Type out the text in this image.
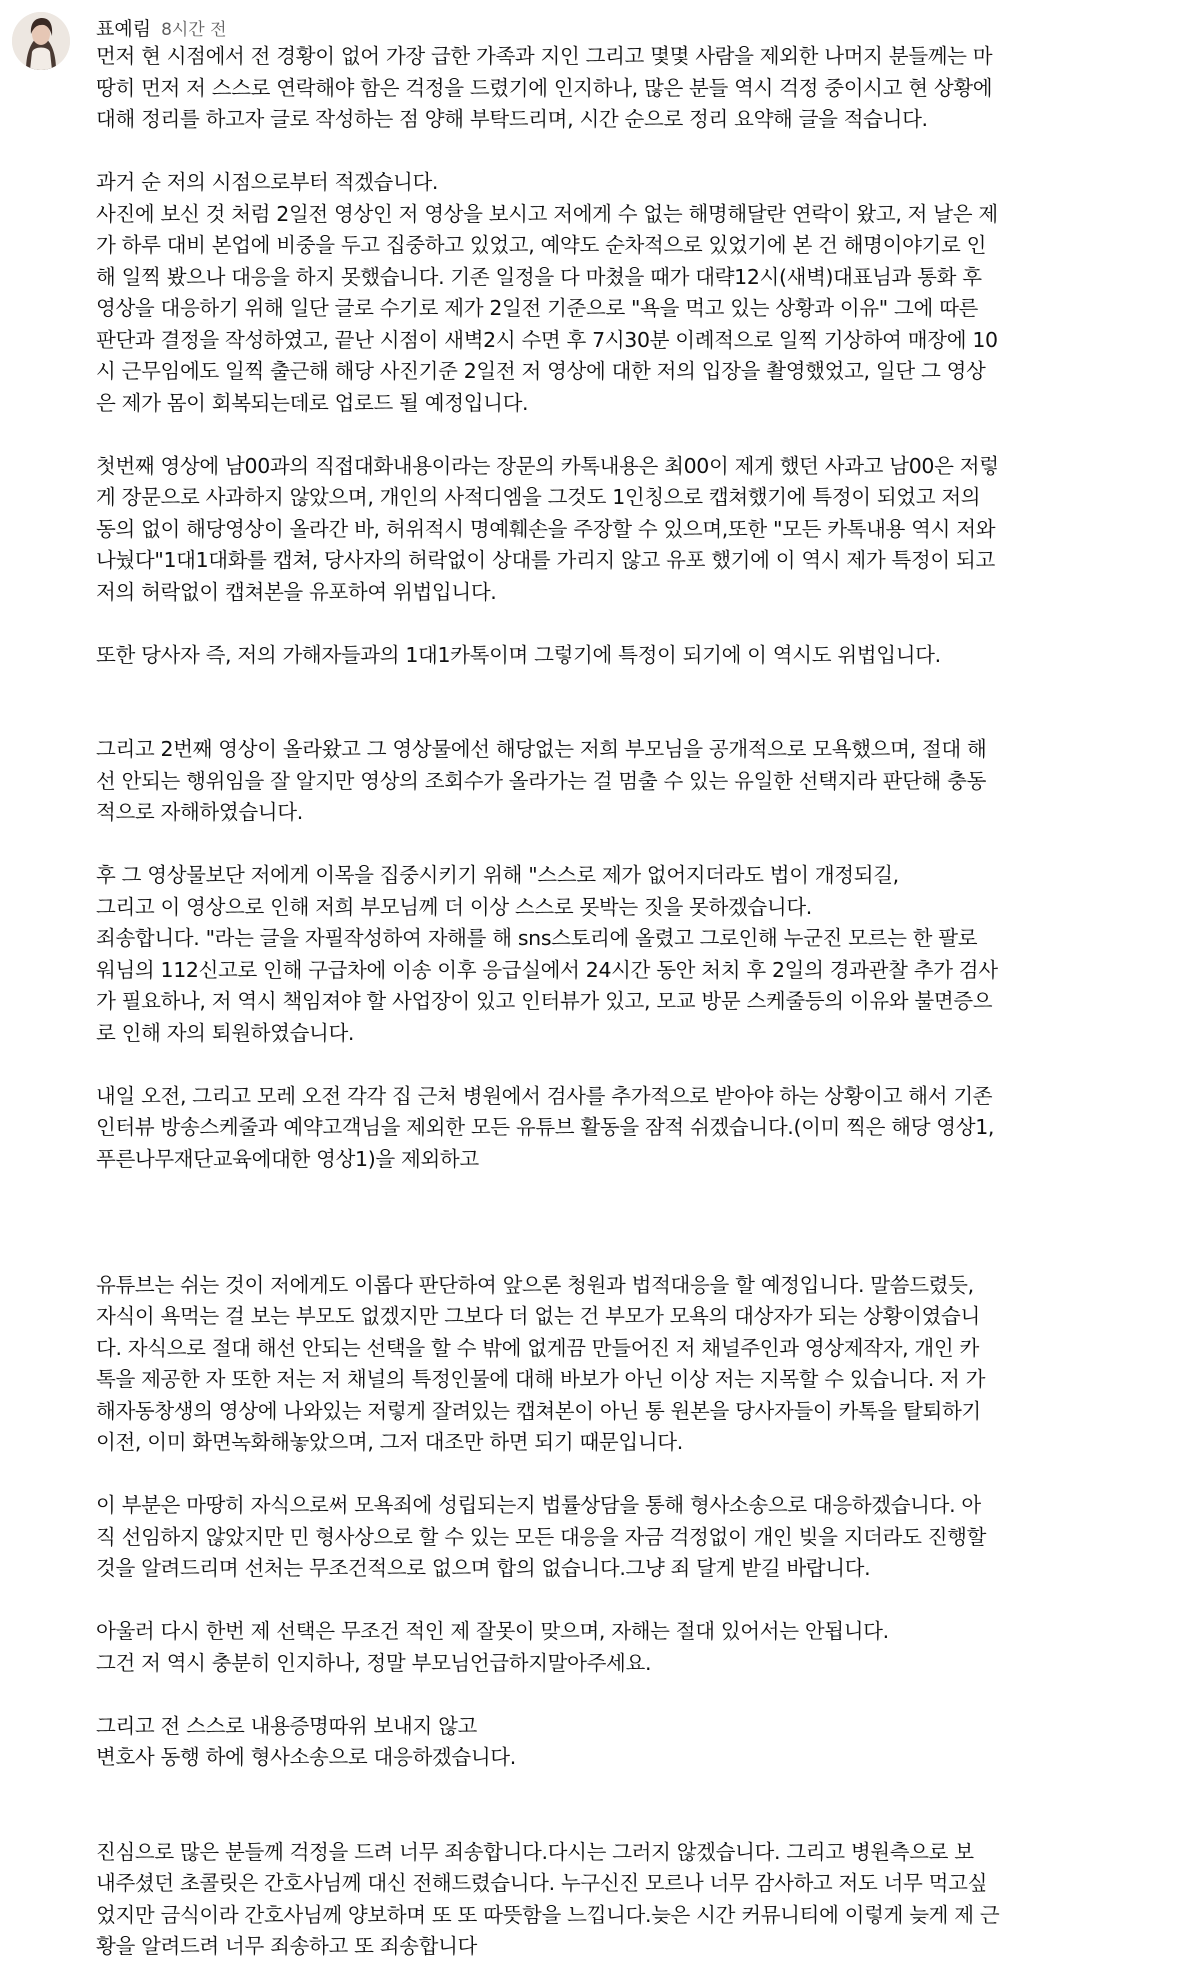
표예림 8시간 전
먼저 현 시점에서 전 경황이 없어 가장 급한 가족과 지인 그리고 몇몇 사람을 제외한 나머지 분들께는 마
땅히 먼저 저 스스로 연락해야 함은 걱정을 드렸기에 인지하나, 많은 분들 역시 걱정 중이시고 현 상황에
대해 정리를 하고자 글로 작성하는 점 양해 부탁드리며, 시간 순으로 정리 요약해 글을 적습니다.
과거 순 저의 시점으로부터 적겠습니다.
사진에 보신 것 처럼 2일전 영상인 저 영상을 보시고 저에게 수 없는 해명해달란 연락이 왔고, 저 날은 제
가 하루 대비 본업에 비중을 두고 집중하고 있었고, 예약도 순차적으로 있었기에 본 건 해명이야기로 인
해 일찍 봤으나 대응을 하지 못했습니다. 기존 일정을 다 마쳤을 때가 대략12시(새벽)대표님과 통화 후
영상을 대응하기 위해 일단 글로 수기로 제가 2일전 기준으로 "욕을 먹고 있는 상황과 이유" 그에 따른
판단과 결정을 작성하였고, 끝난 시점이 새벽2시 수면 후 7시30분 이례적으로 일찍 기상하여 매장에 10
시 근무임에도 일찍 출근해 해당 사진기준 2일전 저 영상에 대한 저의 입장을 촬영했었고, 일단 그 영상
은 제가 몸이 회복되는데로 업로드 될 예정입니다.
첫번째 영상에 남00과의 직접대화내용이라는 장문의 카톡내용은 최00이 제게 했던 사과고 남00은 저렇
게 장문으로 사과하지 않았으며, 개인의 사적디엠을 그것도 1인칭으로 캡쳐했기에 특정이 되었고 저의
동의 없이 해당영상이 올라간 바, 허위적시 명예훼손을 주장할 수 있으며,또한 "모든 카톡내용 역시 저와
나눴다"1대1대화를 캡쳐, 당사자의 허락없이 상대를 가리지 않고 유포 했기에 이 역시 제가 특정이 되고
저의 허락없이 캡쳐본을 유포하여 위법입니다.
또한 당사자 즉, 저의 가해자들과의 1대1카톡이며 그렇기에 특정이 되기에 이 역시도 위법입니다.
그리고 2번째 영상이 올라왔고 그 영상물에선 해당없는 저희 부모님을 공개적으로 모욕했으며, 절대 해
선 안되는 행위임을 잘 알지만 영상의 조회수가 올라가는 걸 멈출 수 있는 유일한 선택지라 판단해 충동
적으로 자해하였습니다.
후 그 영상물보단 저에게 이목을 집중시키기 위해 "스스로 제가 없어지더라도 법이 개정되길,
그리고 이 영상으로 인해 저희 부모님께 더 이상 스스로 못박는 짓을 못하겠습니다.
죄송합니다. "라는 글을 자필작성하여 자해를 해 sns스토리에 올렸고 그로인해 누군진 모르는 한 팔로
워님의 112신고로 인해 구급차에 이송 이후 응급실에서 24시간 동안 처치 후 2일의 경과관찰 추가 검사
가 필요하나, 저 역시 책임져야 할 사업장이 있고 인터뷰가 있고, 모교 방문 스케줄등의 이유와 불면증으
로 인해 자의 퇴원하였습니다.
내일 오전, 그리고 모레 오전 각각 집 근처 병원에서 검사를 추가적으로 받아야 하는 상황이고 해서 기존
인터뷰 방송스케줄과 예약고객님을 제외한 모든 유튜브 활동을 잠적 쉬겠습니다.(이미 찍은 해당 영상1,
푸른나무재단교육에대한 영상1)을 제외하고
유튜브는 쉬는 것이 저에게도 이롭다 판단하여 앞으론 청원과 법적대응을 할 예정입니다. 말씀드렸듯,
자식이 욕먹는 걸 보는 부모도 없겠지만 그보다 더 없는 건 부모가 모욕의 대상자가 되는 상황이였습니
다. 자식으로 절대 해선 안되는 선택을 할 수 밖에 없게끔 만들어진 저 채널주인과 영상제작자, 개인 카
톡을 제공한 자 또한 저는 저 채널의 특정인물에 대해 바보가 아닌 이상 저는 지목할 수 있습니다. 저 가
해자동창생의 영상에 나와있는 저렇게 잘려있는 캡쳐본이 아닌 통 원본을 당사자들이 카톡을 탈퇴하기
이전, 이미 화면녹화해놓았으며, 그저 대조만 하면 되기 때문입니다.
이 부분은 마땅히 자식으로써 모욕죄에 성립되는지 법률상담을 통해 형사소송으로 대응하겠습니다. 아
직 선임하지 않았지만 민 형사상으로 할 수 있는 모든 대응을 자금 걱정없이 개인 빚을 지더라도 진행할
것을 알려드리며 선처는 무조건적으로 없으며 합의 없습니다.그냥 죄 달게 받길 바랍니다.
아울러 다시 한번 제 선택은 무조건 적인 제 잘못이 맞으며, 자해는 절대 있어서는 안됩니다.
그건 저 역시 충분히 인지하나, 정말 부모님언급하지말아주세요.
그리고 전 스스로 내용증명따위 보내지 않고
변호사 동행 하에 형사소송으로 대응하겠습니다.
진심으로 많은 분들께 걱정을 드려 너무 죄송합니다.다시는 그러지 않겠습니다. 그리고 병원측으로 보
내주셨던 초콜릿은 간호사님께 대신 전해드렸습니다. 누구신진 모르나 너무 감사하고 저도 너무 먹고싶
었지만 금식이라 간호사님께 양보하며 또 또 따뜻함을 느낍니다.늦은 시간 커뮤니티에 이렇게 늦게 제 근
황을 알려드려 너무 죄송하고 또 죄송합니다
